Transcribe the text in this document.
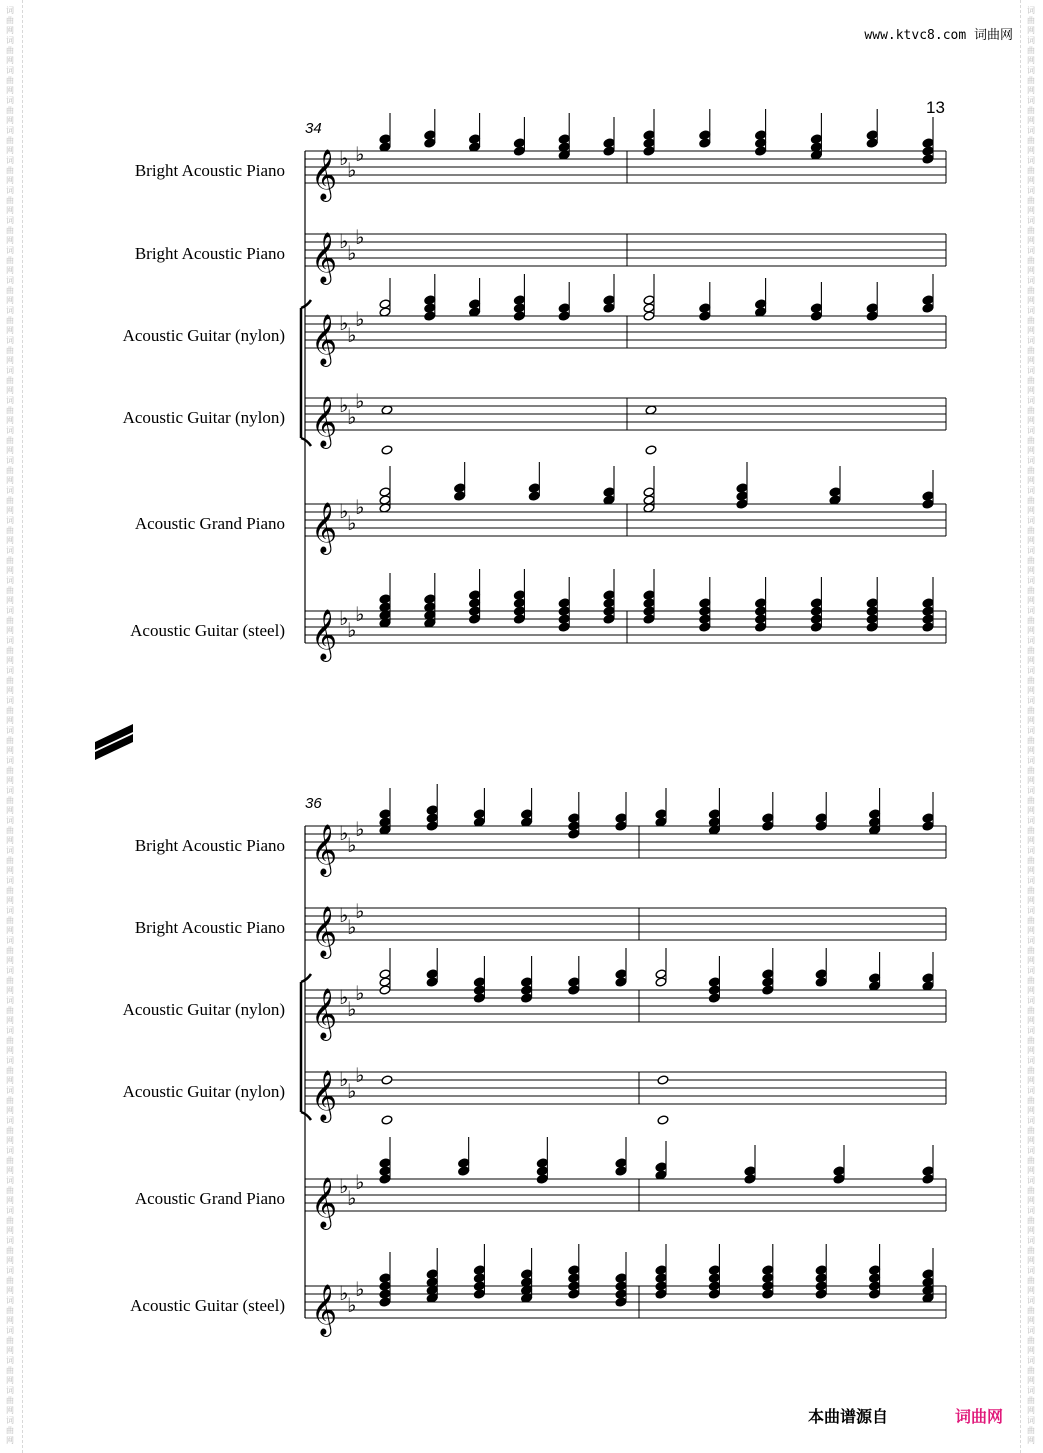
词
曲
网
词
曲
网
词
曲
网
词
曲
网
词
曲
网
词
曲
网
词
曲
网
词
曲
网
词
曲
网
词
曲
网
词
曲
网
词
曲
网
词
曲
网
词
曲
网
词
曲
网
词
曲
网
词
曲
网
词
曲
网
词
曲
网
词
曲
网
词
曲
网
词
曲
网
词
曲
网
词
曲
网
词
曲
网
词
曲
网
词
曲
网
词
曲
网
词
曲
网
词
曲
网
词
曲
网
词
曲
网
词
曲
网
词
曲
网
词
曲
网
词
曲
网
词
曲
网
词
曲
网
词
曲
网
词
曲
网
词
曲
网
词
曲
网
词
曲
网
词
曲
网
词
曲
网
词
曲
网
词
曲
网
词
曲
网
词
曲
网
词
曲
网
词
曲
网
词
曲
网
词
曲
网
词
曲
网
词
曲
网
词
曲
网
词
曲
网
词
曲
网
词
曲
网
词
曲
网
词
曲
网
词
曲
网
词
曲
网
词
曲
网
词
曲
网
词
曲
网
词
曲
网
词
曲
网
词
曲
网
词
曲
网
词
曲
网
词
曲
网
词
曲
网
词
曲
网
词
曲
网
词
曲
网
词
曲
网
词
曲
网
词
曲
网
词
曲
网
词
曲
网
词
曲
网
词
曲
网
词
曲
网
词
曲
网
词
曲
网
词
曲
网
词
曲
网
词
曲
网
词
曲
网
词
曲
网
词
曲
网
词
曲
网
词
曲
网
词
曲
网
词
曲
网
www.ktvc8.com 词曲网
13
34
36
Bright Acoustic Piano
Bright Acoustic Piano
Acoustic Guitar (nylon)
Acoustic Guitar (nylon)
Acoustic Grand Piano
Acoustic Guitar (steel)
Bright Acoustic Piano
Bright Acoustic Piano
Acoustic Guitar (nylon)
Acoustic Guitar (nylon)
Acoustic Grand Piano
Acoustic Guitar (steel)
𝄞 ♭
♭
♭
𝄞 ♭
♭
♭
𝄞 ♭
♭
♭
𝄞 ♭
♭
♭
𝄞 ♭
♭
♭
𝄞 ♭
♭
♭
𝄞 ♭
♭
♭
𝄞 ♭
♭
♭
𝄞 ♭
♭
♭
𝄞 ♭
♭
♭
𝄞 ♭
♭
♭
𝄞 ♭
♭
♭
本曲谱源自	词曲网
